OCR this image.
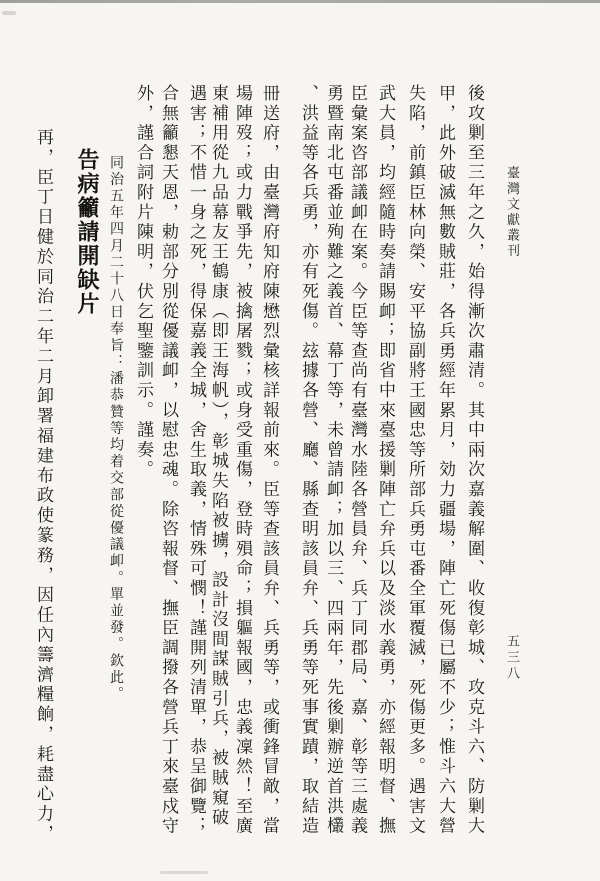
臺灣文獻叢刊
五三八
後攻剿至三年之久，始得漸次肅清。其中兩次嘉義解圍、收復彰城、攻克斗六、防剿大
甲，此外破滅無數賊莊，各兵勇經年累月，効力疆場，陣亡死傷已屬不少；惟斗六大營
失陷，前鎮臣林向榮、安平協副將王國忠等所部兵勇屯番全軍覆滅，死傷更多。遇害文
武大員，均經隨時奏請賜卹；即省中來臺援剿陣亡弁兵以及淡水義勇，亦經報明督、撫
臣彙案咨部議卹在案。今臣等查尚有臺灣水陸各營員弁、兵丁同郡局、嘉、彰等三處義
勇暨南北屯番並殉難之義首、幕丁等，未曾請卹；加以三、四兩年，先後剿辦逆首洪欉
、洪益等各兵勇，亦有死傷。玆據各營、廳、縣查明該員弁、兵勇等死事實蹟，取結造
冊送府，由臺灣府知府陳懋烈彙核詳報前來。臣等查該員弁、兵勇等，或衝鋒冒敵，當
場陣歿；或力戰爭先，被擒屠戮；或身受重傷，登時殞命；損軀報國，忠義凜然！至廣
東補用從九品幕友王鶴康（即王海帆），彰城失陷被擄，設計沒間謀賊引兵，被賊窺破
遇害；不惜一身之死，得保嘉義全城，舍生取義，情殊可憫！謹開列清單，恭呈御覽；
合無籲懇天恩，勅部分別從優議卹，以慰忠魂。除咨報督、撫臣調撥各營兵丁來臺戍守
外，謹合詞附片陳明，伏乞聖鑒訓示。謹奏。
同治五年四月二十八日奉旨：潘恭贊等均着交部從優議卹。單並發。欽此。
告病籲請開缺片
再，臣丁日健於同治二年二月卸署福建布政使篆務，因任內籌濟糧餉，耗盡心力，
